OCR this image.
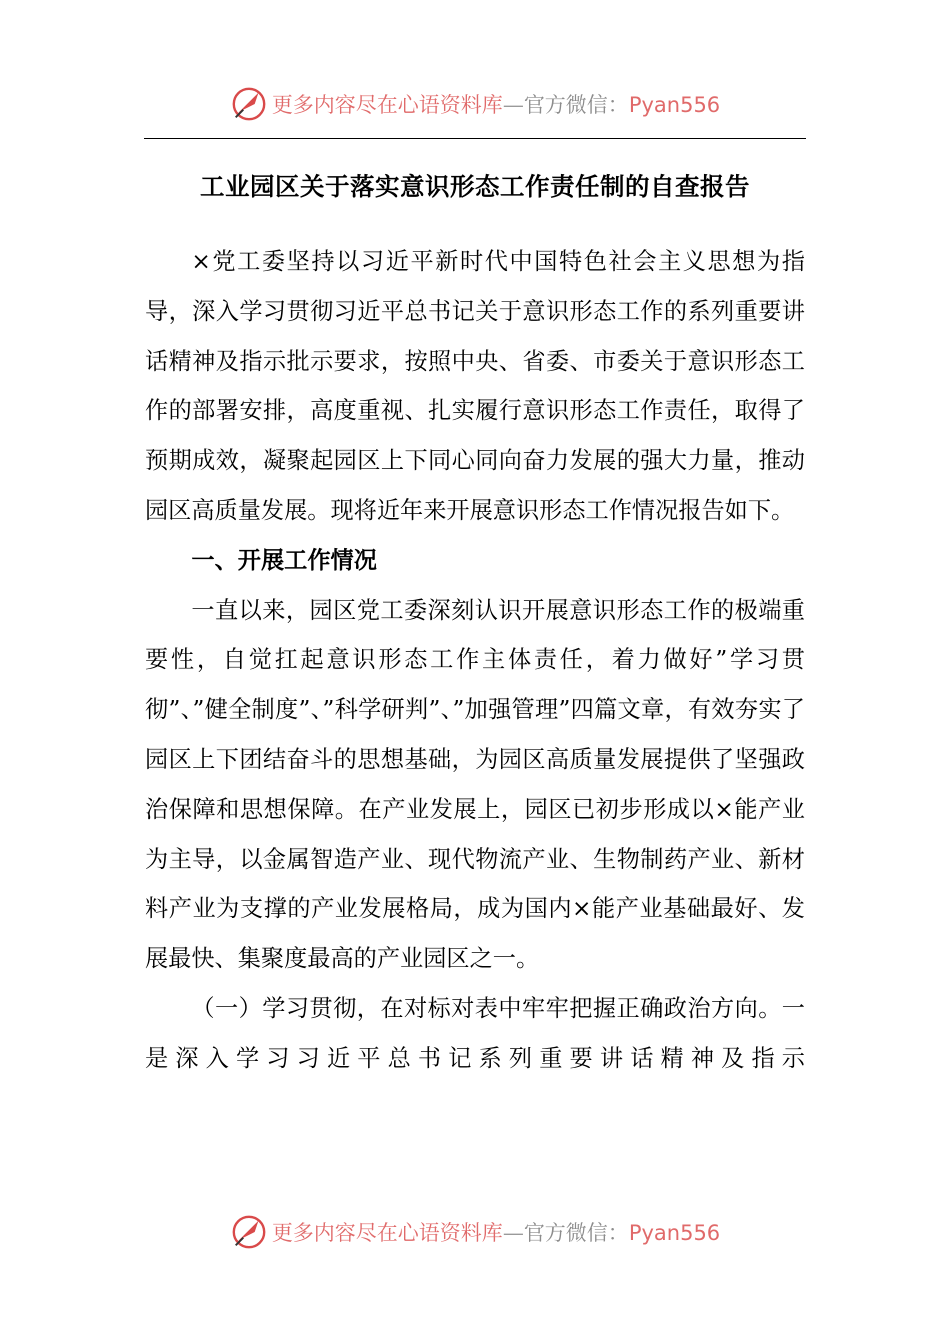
更多内容尽在心语资料库—官方微信：Pyan556
工业园区关于落实意识形态工作责任制的自查报告

×党工委坚持以习近平新时代中国特色社会主义思想为指导，深入学习贯彻习近平总书记关于意识形态工作的系列重要讲话精神及指示批示要求，按照中央、省委、市委关于意识形态工作的部署安排，高度重视、扎实履行意识形态工作责任，取得了预期成效，凝聚起园区上下同心同向奋力发展的强大力量，推动园区高质量发展。现将近年来开展意识形态工作情况报告如下。

一、开展工作情况

一直以来，园区党工委深刻认识开展意识形态工作的极端重要性，自觉扛起意识形态工作主体责任，着力做好”学习贯彻”、”健全制度”、”科学研判”、”加强管理”四篇文章，有效夯实了园区上下团结奋斗的思想基础，为园区高质量发展提供了坚强政治保障和思想保障。在产业发展上，园区已初步形成以×能产业为主导，以金属智造产业、现代物流产业、生物制药产业、新材料产业为支撑的产业发展格局，成为国内×能产业基础最好、发展最快、集聚度最高的产业园区之一。

（一）学习贯彻，在对标对表中牢牢把握正确政治方向。一是深入学习习近平总书记系列重要讲话精神及指示

更多内容尽在心语资料库—官方微信：Pyan556
